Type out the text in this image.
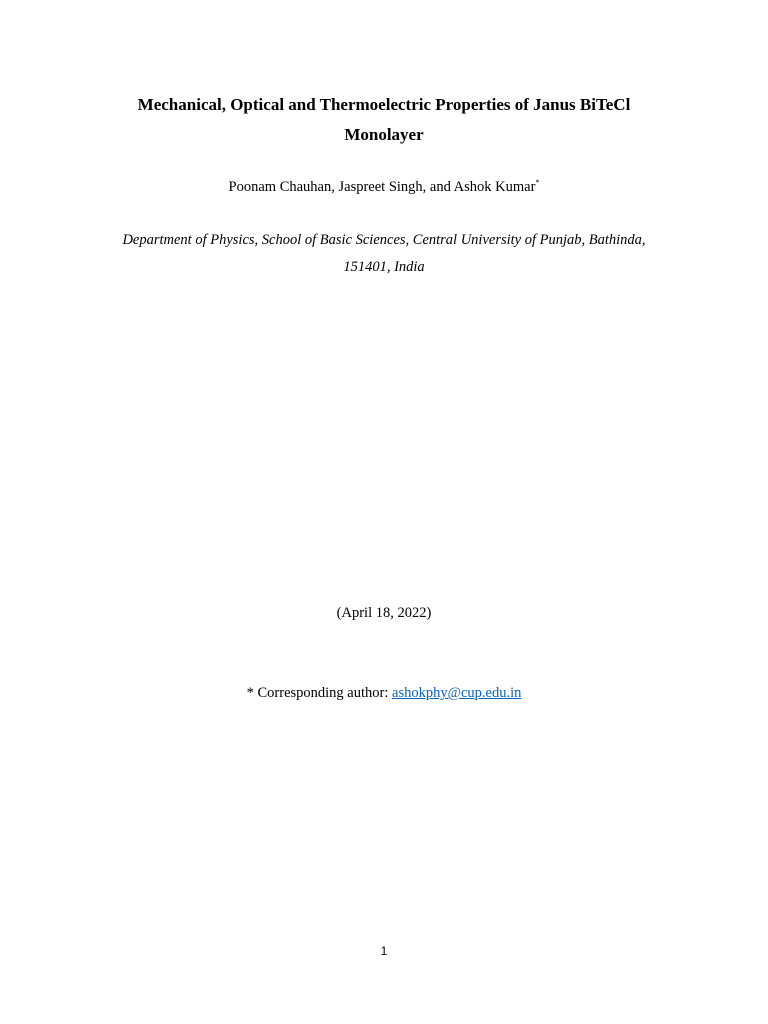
Mechanical, Optical and Thermoelectric Properties of Janus BiTeCl
Monolayer
Poonam Chauhan, Jaspreet Singh, and Ashok Kumar*
Department of Physics, School of Basic Sciences, Central University of Punjab, Bathinda,
151401, India
(April 18, 2022)
* Corresponding author: ashokphy@cup.edu.in
1
